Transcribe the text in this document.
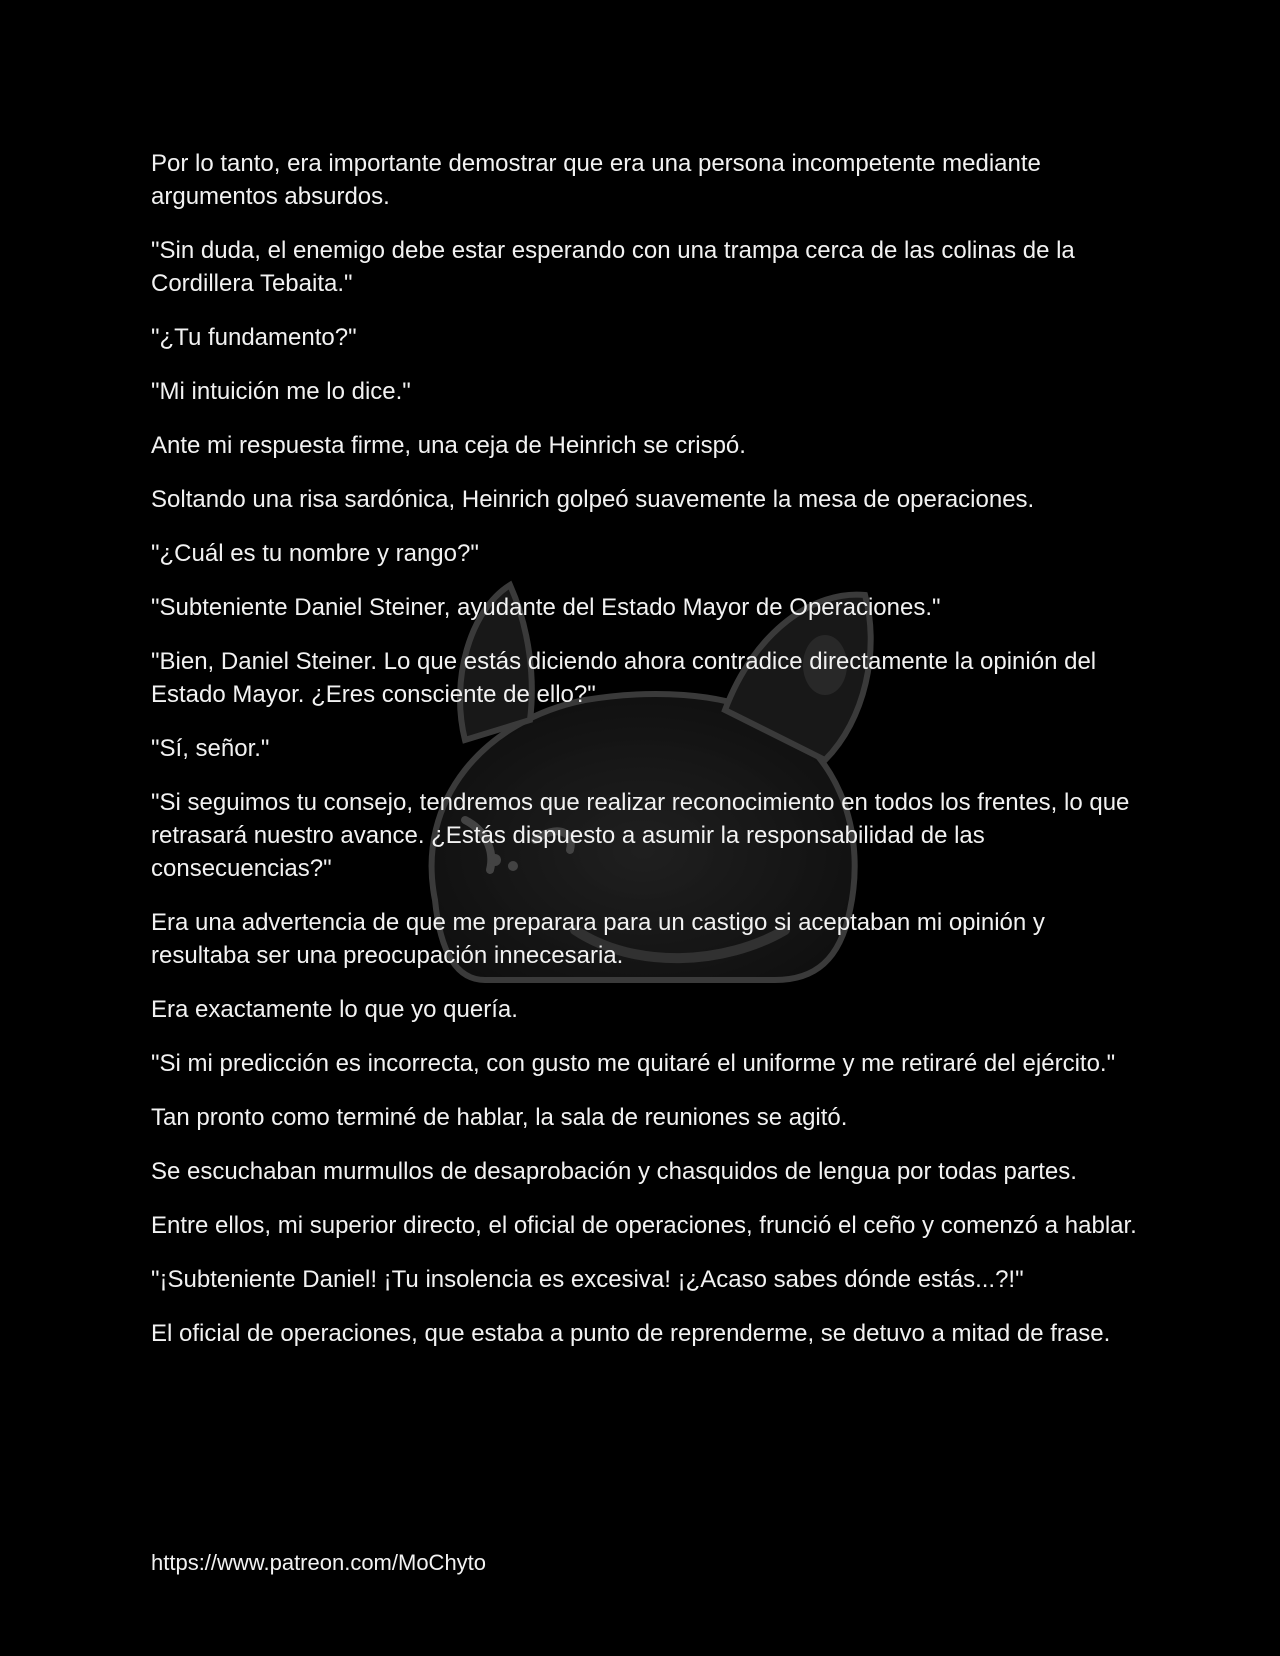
Por lo tanto, era importante demostrar que era una persona incompetente mediante argumentos absurdos.

"Sin duda, el enemigo debe estar esperando con una trampa cerca de las colinas de la Cordillera Tebaita."

"¿Tu fundamento?"

"Mi intuición me lo dice."

Ante mi respuesta firme, una ceja de Heinrich se crispó.

Soltando una risa sardónica, Heinrich golpeó suavemente la mesa de operaciones.

"¿Cuál es tu nombre y rango?"

"Subteniente Daniel Steiner, ayudante del Estado Mayor de Operaciones."

"Bien, Daniel Steiner. Lo que estás diciendo ahora contradice directamente la opinión del Estado Mayor. ¿Eres consciente de ello?"

"Sí, señor."

"Si seguimos tu consejo, tendremos que realizar reconocimiento en todos los frentes, lo que retrasará nuestro avance. ¿Estás dispuesto a asumir la responsabilidad de las consecuencias?"

Era una advertencia de que me preparara para un castigo si aceptaban mi opinión y resultaba ser una preocupación innecesaria.

Era exactamente lo que yo quería.

"Si mi predicción es incorrecta, con gusto me quitaré el uniforme y me retiraré del ejército."

Tan pronto como terminé de hablar, la sala de reuniones se agitó.

Se escuchaban murmullos de desaprobación y chasquidos de lengua por todas partes.

Entre ellos, mi superior directo, el oficial de operaciones, frunció el ceño y comenzó a hablar.

"¡Subteniente Daniel! ¡Tu insolencia es excesiva! ¡¿Acaso sabes dónde estás...?!"

El oficial de operaciones, que estaba a punto de reprenderme, se detuvo a mitad de frase.

https://www.patreon.com/MoChyto
